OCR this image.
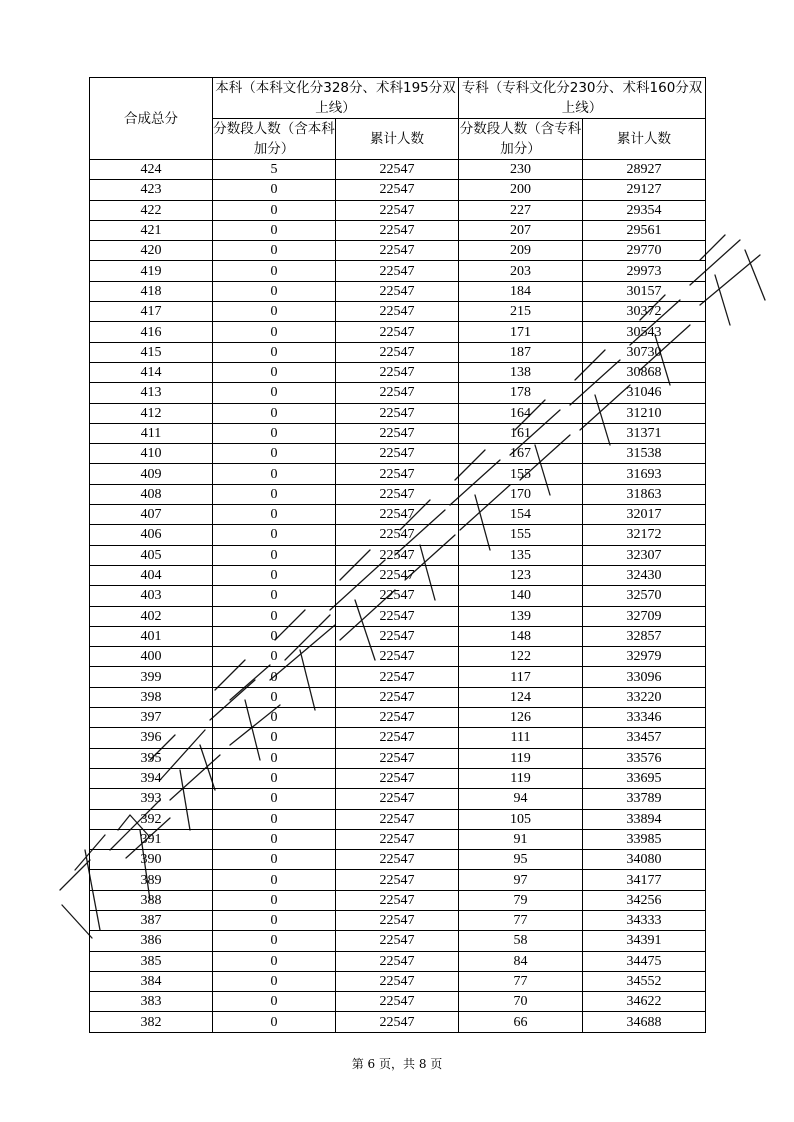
合成总分	本科（本科文化分328分、术科195分双上线）		专科（专科文化分230分、术科160分双上线）	
	分数段人数（含本科加分）	累计人数	分数段人数（含专科加分）	累计人数
424	5	22547	230	28927
423	0	22547	200	29127
422	0	22547	227	29354
421	0	22547	207	29561
420	0	22547	209	29770
419	0	22547	203	29973
418	0	22547	184	30157
417	0	22547	215	30372
416	0	22547	171	30543
415	0	22547	187	30730
414	0	22547	138	30868
413	0	22547	178	31046
412	0	22547	164	31210
411	0	22547	161	31371
410	0	22547	167	31538
409	0	22547	155	31693
408	0	22547	170	31863
407	0	22547	154	32017
406	0	22547	155	32172
405	0	22547	135	32307
404	0	22547	123	32430
403	0	22547	140	32570
402	0	22547	139	32709
401	0	22547	148	32857
400	0	22547	122	32979
399	0	22547	117	33096
398	0	22547	124	33220
397	0	22547	126	33346
396	0	22547	111	33457
395	0	22547	119	33576
394	0	22547	119	33695
393	0	22547	94	33789
392	0	22547	105	33894
391	0	22547	91	33985
390	0	22547	95	34080
389	0	22547	97	34177
388	0	22547	79	34256
387	0	22547	77	34333
386	0	22547	58	34391
385	0	22547	84	34475
384	0	22547	77	34552
383	0	22547	70	34622
382	0	22547	66	34688
第 6 页，共 8 页
